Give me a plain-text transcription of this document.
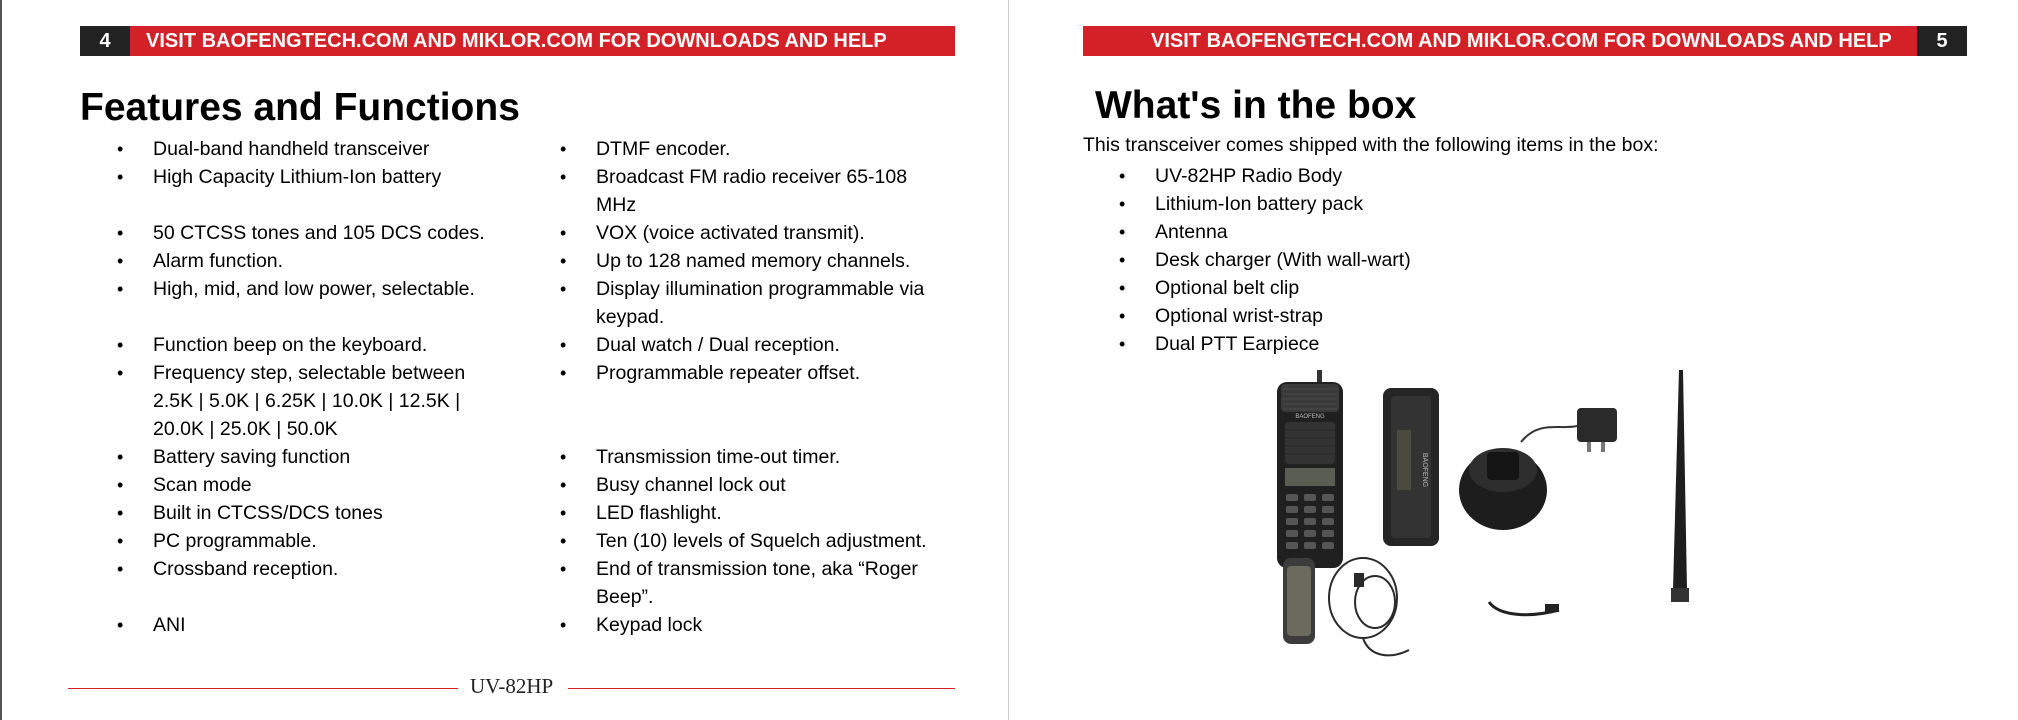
4	VISIT BAOFENGTECH.COM AND MIKLOR.COM FOR DOWNLOADS AND HELP
Features and Functions
• Dual-band handheld transceiver
• High Capacity Lithium-Ion battery
• 50 CTCSS tones and 105 DCS codes.
• Alarm function.
• High, mid, and low power, selectable.
• Function beep on the keyboard.
• Frequency step, selectable between 2.5K | 5.0K | 6.25K | 10.0K | 12.5K | 20.0K | 25.0K | 50.0K
• Battery saving function
• Scan mode
• Built in CTCSS/DCS tones
• PC programmable.
• Crossband reception.
• ANI
• DTMF encoder.
• Broadcast FM radio receiver 65-108 MHz
• VOX (voice activated transmit).
• Up to 128 named memory channels.
• Display illumination programmable via keypad.
• Dual watch / Dual reception.
• Programmable repeater offset.
• Transmission time-out timer.
• Busy channel lock out
• LED flashlight.
• Ten (10) levels of Squelch adjustment.
• End of transmission tone, aka “Roger Beep”.
• Keypad lock
UV-82HP
VISIT BAOFENGTECH.COM AND MIKLOR.COM FOR DOWNLOADS AND HELP	5
What's in the box
This transceiver comes shipped with the following items in the box:
• UV-82HP Radio Body
• Lithium-Ion battery pack
• Antenna
• Desk charger (With wall-wart)
• Optional belt clip
• Optional wrist-strap
• Dual PTT Earpiece
BAOFENG
BAOFENG
